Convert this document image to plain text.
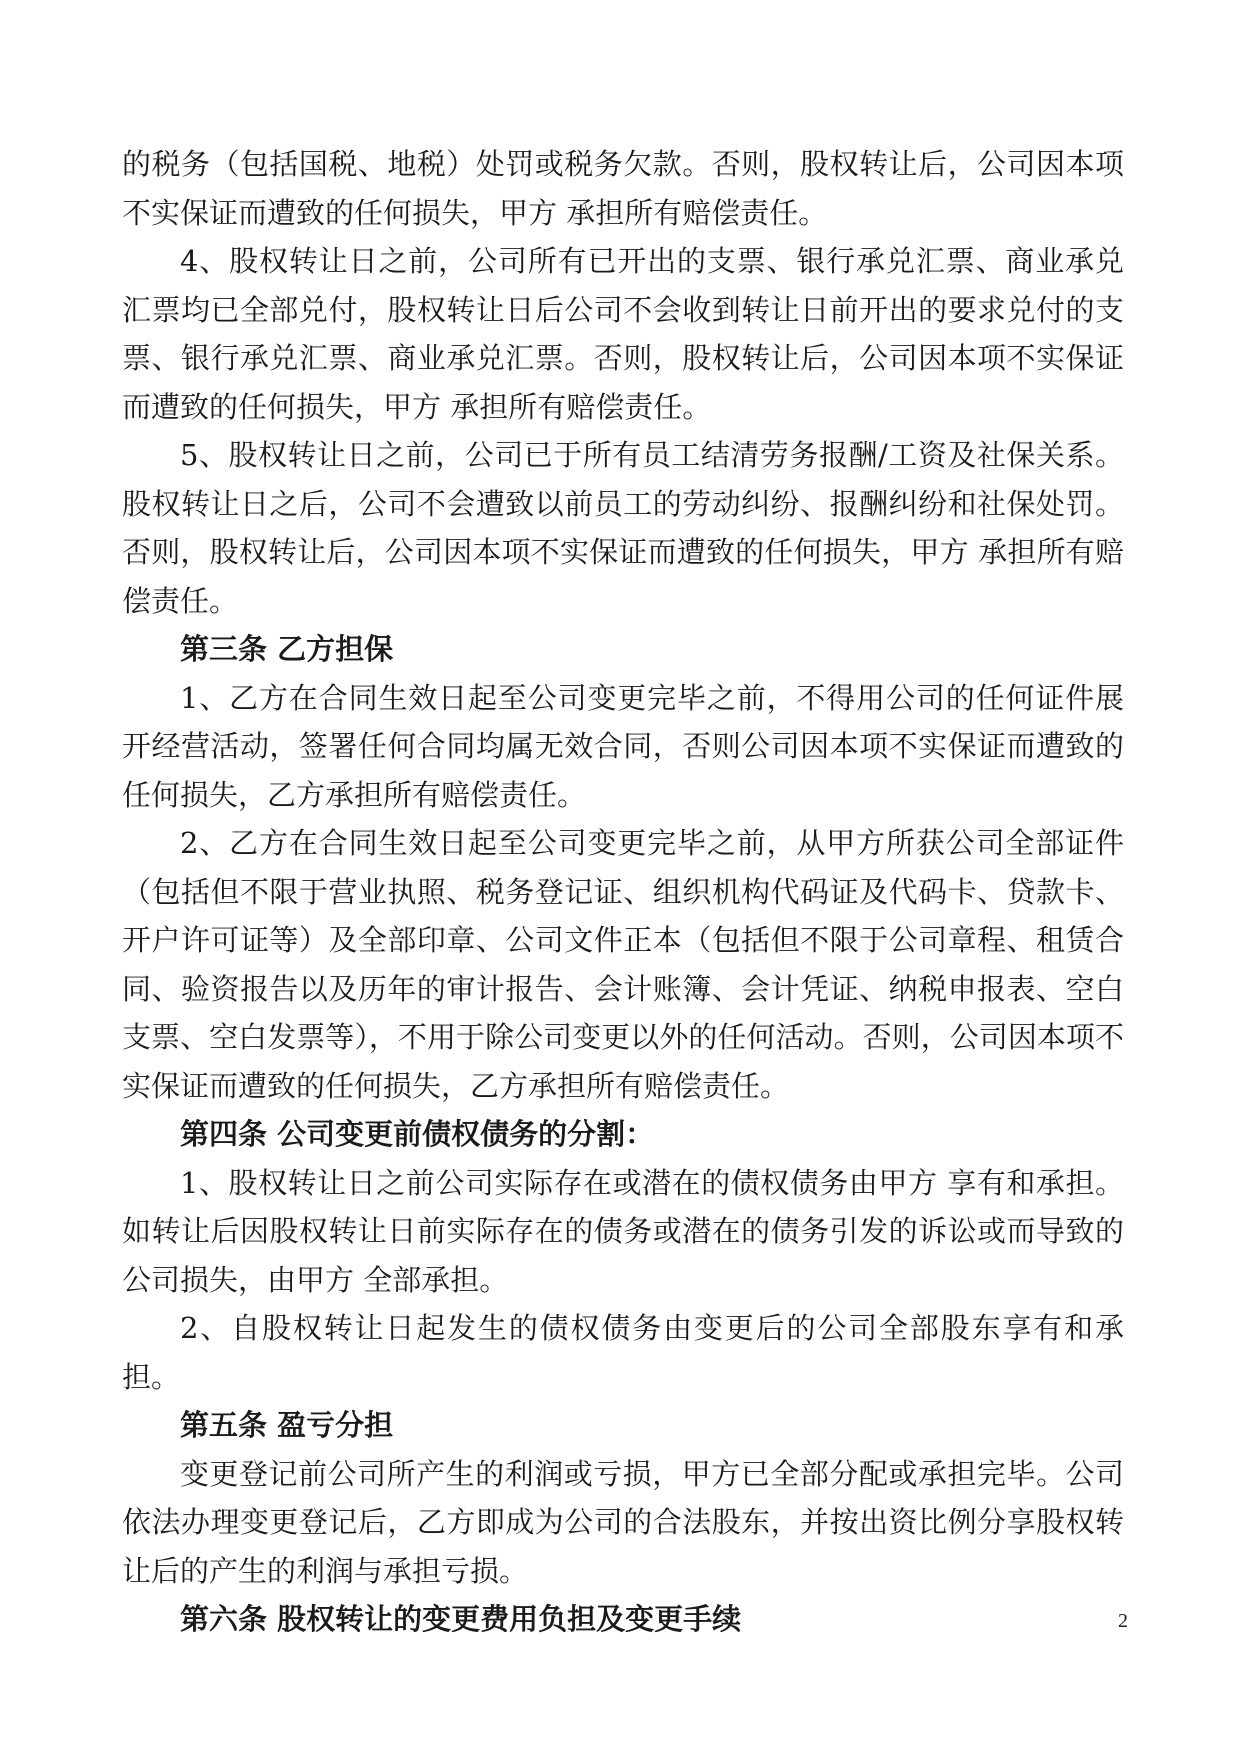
的税务（包括国税、地税）处罚或税务欠款。否则，股权转让后，公司因本项不实保证而遭致的任何损失，甲方 承担所有赔偿责任。

4、股权转让日之前，公司所有已开出的支票、银行承兑汇票、商业承兑汇票均已全部兑付，股权转让日后公司不会收到转让日前开出的要求兑付的支票、银行承兑汇票、商业承兑汇票。否则，股权转让后，公司因本项不实保证而遭致的任何损失，甲方 承担所有赔偿责任。

5、股权转让日之前，公司已于所有员工结清劳务报酬/工资及社保关系。股权转让日之后，公司不会遭致以前员工的劳动纠纷、报酬纠纷和社保处罚。否则，股权转让后，公司因本项不实保证而遭致的任何损失，甲方 承担所有赔偿责任。

第三条 乙方担保

1、乙方在合同生效日起至公司变更完毕之前，不得用公司的任何证件展开经营活动，签署任何合同均属无效合同，否则公司因本项不实保证而遭致的任何损失，乙方承担所有赔偿责任。

2、乙方在合同生效日起至公司变更完毕之前，从甲方所获公司全部证件（包括但不限于营业执照、税务登记证、组织机构代码证及代码卡、贷款卡、开户许可证等）及全部印章、公司文件正本（包括但不限于公司章程、租赁合同、验资报告以及历年的审计报告、会计账簿、会计凭证、纳税申报表、空白支票、空白发票等），不用于除公司变更以外的任何活动。否则，公司因本项不实保证而遭致的任何损失，乙方承担所有赔偿责任。

第四条 公司变更前债权债务的分割：

1、股权转让日之前公司实际存在或潜在的债权债务由甲方 享有和承担。如转让后因股权转让日前实际存在的债务或潜在的债务引发的诉讼或而导致的公司损失，由甲方 全部承担。

2、自股权转让日起发生的债权债务由变更后的公司全部股东享有和承担。

第五条 盈亏分担

变更登记前公司所产生的利润或亏损，甲方已全部分配或承担完毕。公司依法办理变更登记后，乙方即成为公司的合法股东，并按出资比例分享股权转让后的产生的利润与承担亏损。

第六条 股权转让的变更费用负担及变更手续	2
